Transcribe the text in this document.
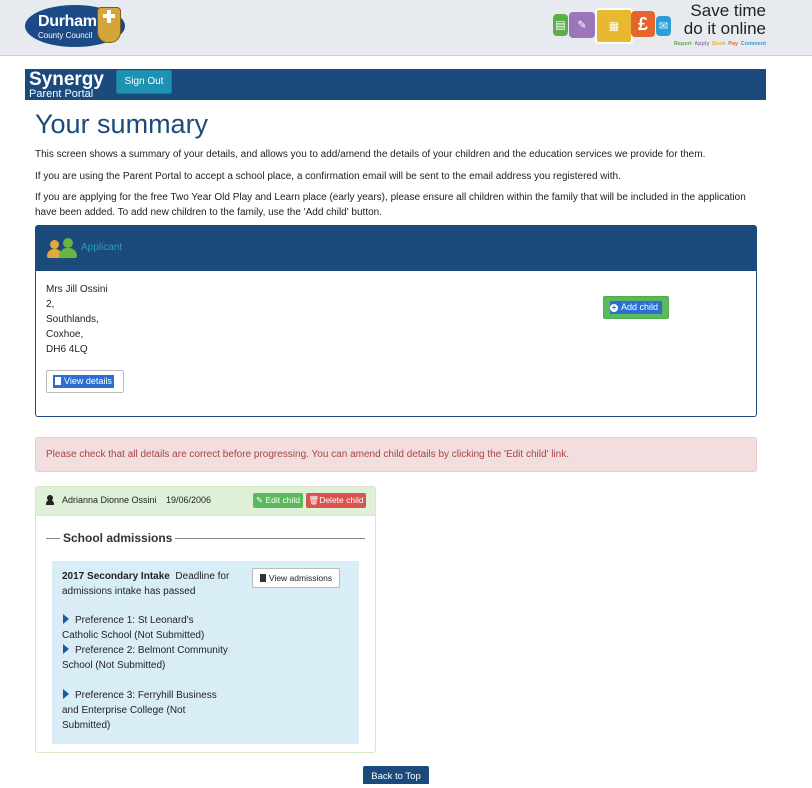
Durham
County Council
▤ ✎ ▦	£ ✉
Save time
do it online
Report Apply Book Pay Comment
Synergy
Parent Portal
Sign Out
Your summary
This screen shows a summary of your details, and allows you to add/amend the details of your children and the education services we provide for them.
If you are using the Parent Portal to accept a school place, a confirmation email will be sent to the email address you registered with.
If you are applying for the free Two Year Old Play and Learn place (early years), please ensure all children within the family that will be included in the application have been added. To add new children to the family, use the 'Add child' button.
Applicant
Mrs Jill Ossini
2,
Southlands,
Coxhoe,
DH6 4LQ
View details
+ Add child
Please check that all details are correct before progressing. You can amend child details by clicking the 'Edit child' link.
Adrianna Dionne Ossini 19/06/2006	✎ Edit child 🗑Delete child
School admissions
2017 Secondary Intake Deadline for admissions intake has passed
View admissions
Preference 1: St Leonard's Catholic School (Not Submitted)
Preference 2: Belmont Community School (Not Submitted)
Preference 3: Ferryhill Business and Enterprise College (Not Submitted)
Back to Top
